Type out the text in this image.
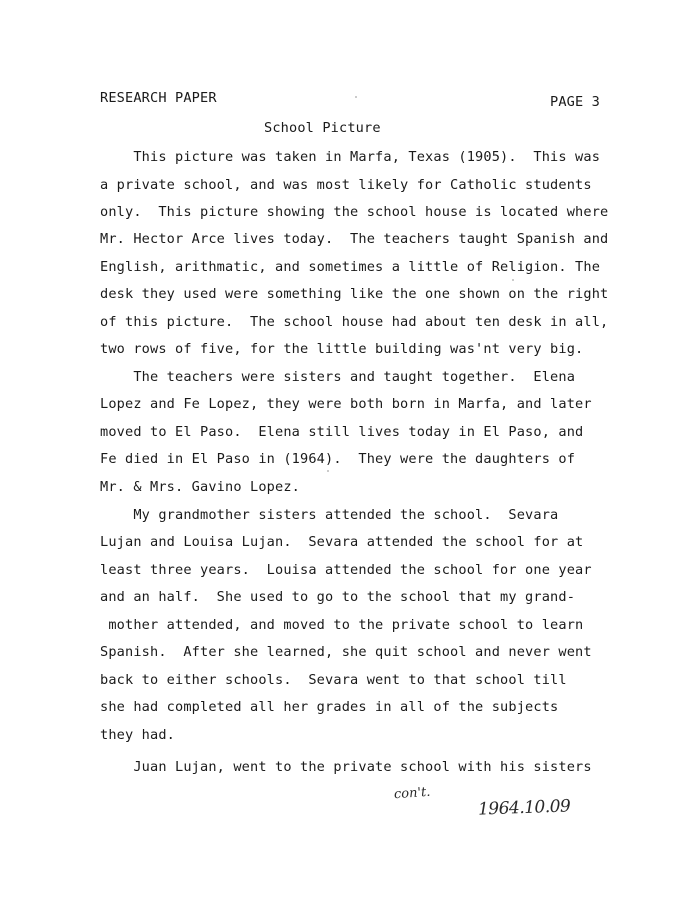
RESEARCH PAPER	PAGE 3
School Picture
This picture was taken in Marfa, Texas (1905).  This was
a private school, and was most likely for Catholic students
only.  This picture showing the school house is located where
Mr. Hector Arce lives today.  The teachers taught Spanish and
English, arithmatic, and sometimes a little of Religion. The
desk they used were something like the one shown on the right
of this picture.  The school house had about ten desk in all,
two rows of five, for the little building was'nt very big.
The teachers were sisters and taught together.  Elena
Lopez and Fe Lopez, they were both born in Marfa, and later
moved to El Paso.  Elena still lives today in El Paso, and
Fe died in El Paso in (1964).  They were the daughters of
Mr. & Mrs. Gavino Lopez.
My grandmother sisters attended the school.  Sevara
Lujan and Louisa Lujan.  Sevara attended the school for at
least three years.  Louisa attended the school for one year
and an half.  She used to go to the school that my grand-
mother attended, and moved to the private school to learn
Spanish.  After she learned, she quit school and never went
back to either schools.  Sevara went to that school till
she had completed all her grades in all of the subjects
they had.
Juan Lujan, went to the private school with his sisters
con't.
1964.10.09
